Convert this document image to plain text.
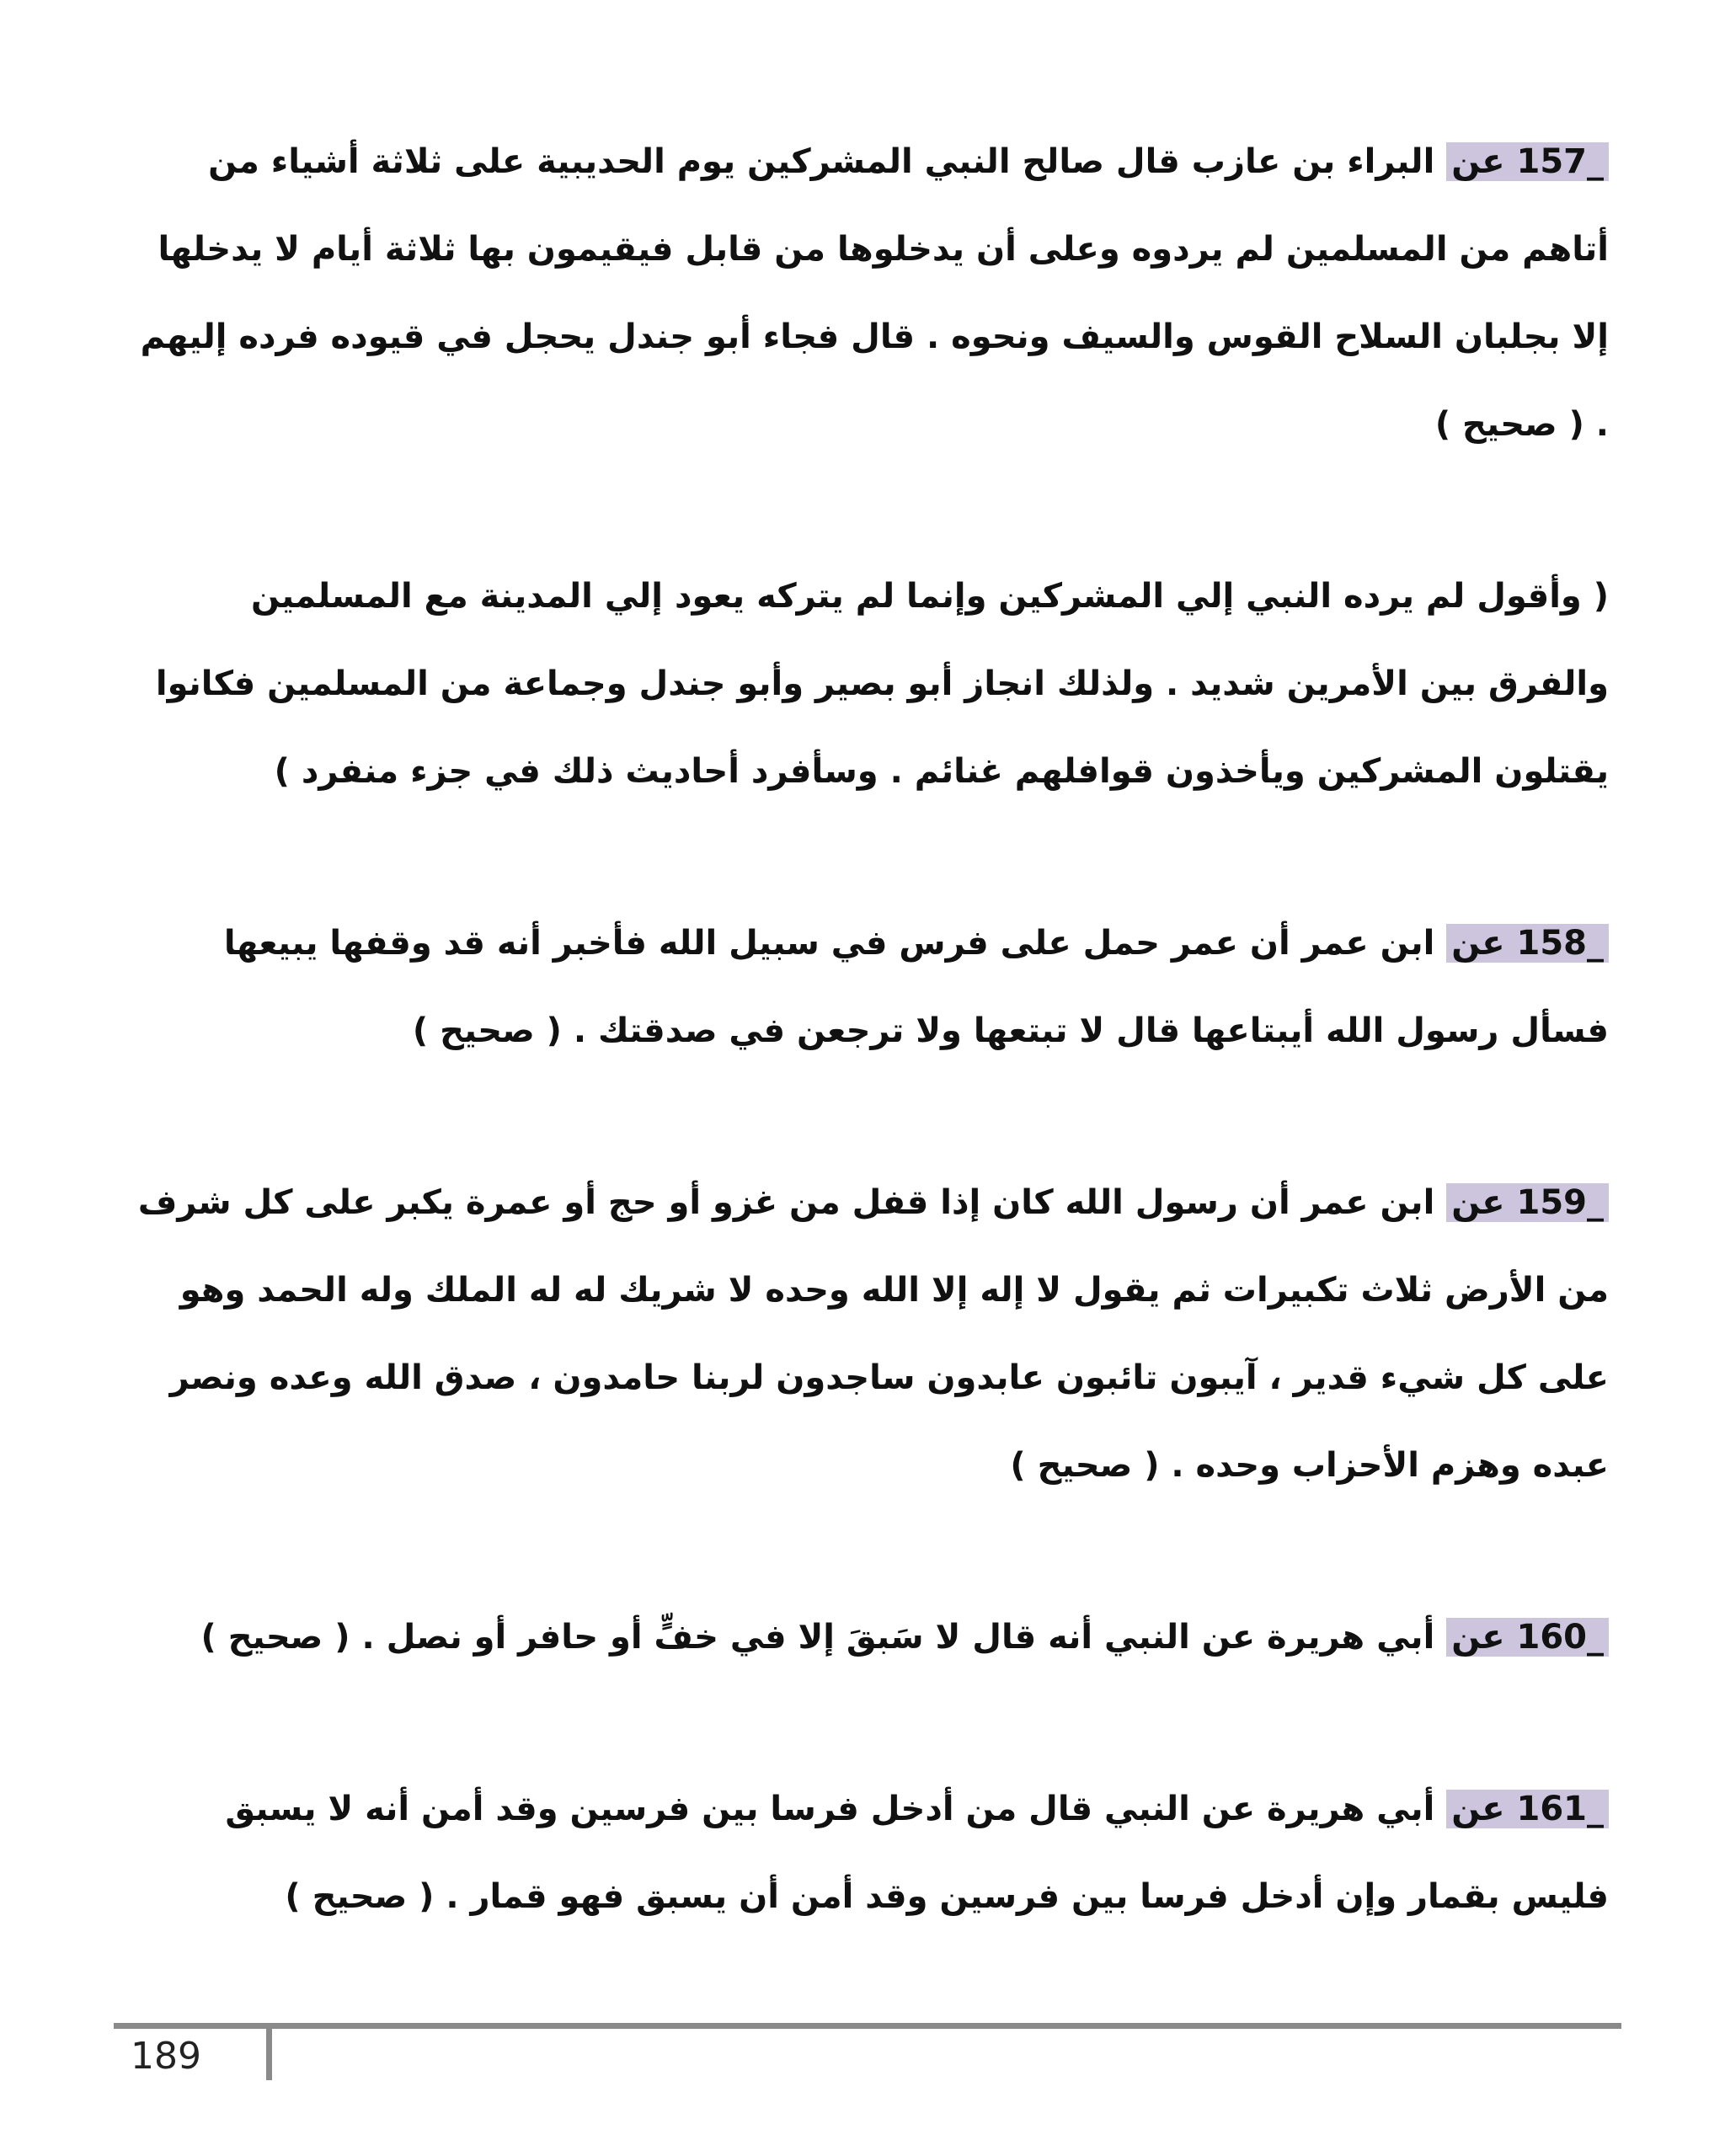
157_ عن البراء بن عازب قال صالح النبي المشركين يوم الحديبية على ثلاثة أشياء من أتاهم من المسلمين لم يردوه وعلى أن يدخلوها من قابل فيقيمون بها ثلاثة أيام لا يدخلها إلا بجلبان السلاح القوس والسيف ونحوه . قال فجاء أبو جندل يحجل في قيوده فرده إليهم . ( صحيح )

( وأقول لم يرده النبي إلي المشركين وإنما لم يتركه يعود إلي المدينة مع المسلمين والفرق بين الأمرين شديد . ولذلك انجاز أبو بصير وأبو جندل وجماعة من المسلمين فكانوا يقتلون المشركين ويأخذون قوافلهم غنائم . وسأفرد أحاديث ذلك في جزء منفرد )

158_ عن ابن عمر أن عمر حمل على فرس في سبيل الله فأخبر أنه قد وقفها يبيعها فسأل رسول الله أيبتاعها قال لا تبتعها ولا ترجعن في صدقتك . ( صحيح )

159_ عن ابن عمر أن رسول الله كان إذا قفل من غزو أو حج أو عمرة يكبر على كل شرف من الأرض ثلاث تكبيرات ثم يقول لا إله إلا الله وحده لا شريك له له الملك وله الحمد وهو على كل شيء قدير ، آيبون تائبون عابدون ساجدون لربنا حامدون ، صدق الله وعده ونصر عبده وهزم الأحزاب وحده . ( صحيح )

160_ عن أبي هريرة عن النبي أنه قال لا سَبقَ إلا في خفٍّ أو حافر أو نصل . ( صحيح )

161_ عن أبي هريرة عن النبي قال من أدخل فرسا بين فرسين وقد أمن أنه لا يسبق فليس بقمار وإن أدخل فرسا بين فرسين وقد أمن أن يسبق فهو قمار . ( صحيح )

189
